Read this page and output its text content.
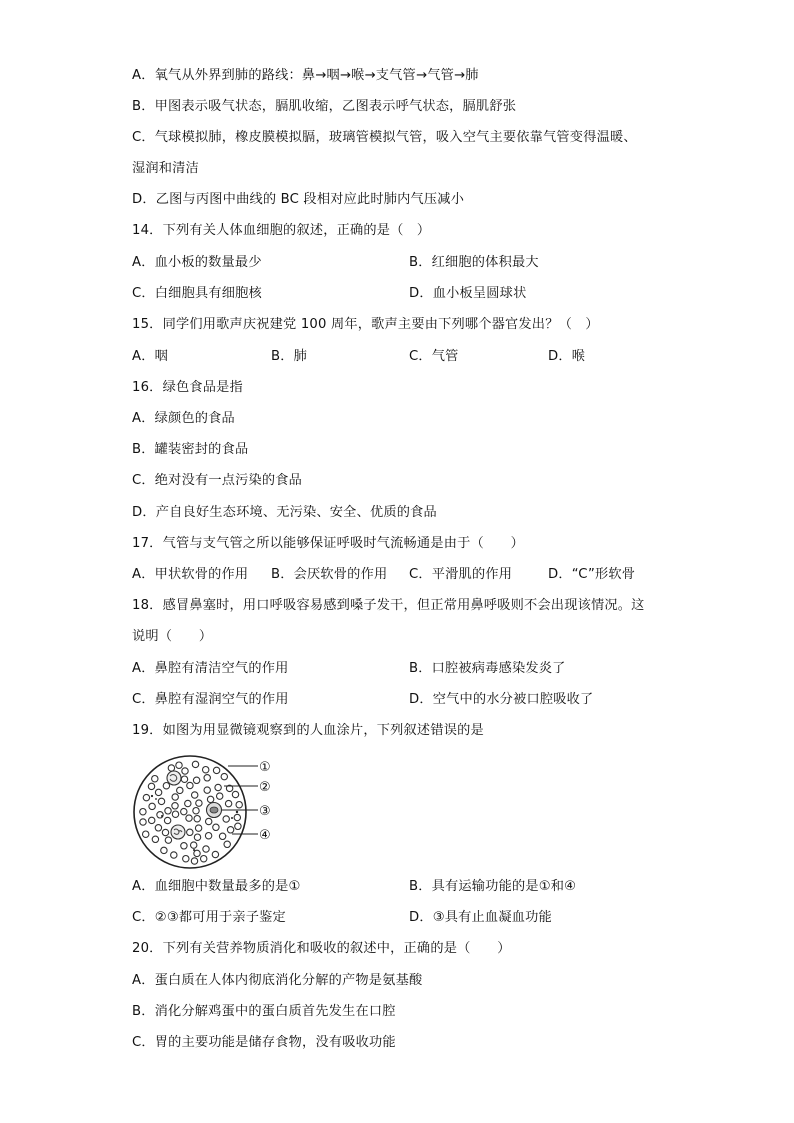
A．氧气从外界到肺的路线：鼻→咽→喉→支气管→气管→肺
B．甲图表示吸气状态，膈肌收缩，乙图表示呼气状态，膈肌舒张
C．气球模拟肺，橡皮膜模拟膈，玻璃管模拟气管，吸入空气主要依靠气管变得温暖、
湿润和清洁
D．乙图与丙图中曲线的 BC 段相对应此时肺内气压减小
14．下列有关人体血细胞的叙述，正确的是（　）
A．血小板的数量最少	B．红细胞的体积最大
C．白细胞具有细胞核	D．血小板呈圆球状
15．同学们用歌声庆祝建党 100 周年，歌声主要由下列哪个器官发出？（　）
A．咽	B．肺	C．气管	D．喉
16．绿色食品是指
A．绿颜色的食品
B．罐装密封的食品
C．绝对没有一点污染的食品
D．产自良好生态环境、无污染、安全、优质的食品
17．气管与支气管之所以能够保证呼吸时气流畅通是由于（　　）
A．甲状软骨的作用 B．会厌软骨的作用 C．平滑肌的作用	D．“C”形软骨
18．感冒鼻塞时，用口呼吸容易感到嗓子发干，但正常用鼻呼吸则不会出现该情况。这
说明（　　）
A．鼻腔有清洁空气的作用	B．口腔被病毒感染发炎了
C．鼻腔有湿润空气的作用	D．空气中的水分被口腔吸收了
19．如图为用显微镜观察到的人血涂片，下列叙述错误的是
①
②
③
④
A．血细胞中数量最多的是①	B．具有运输功能的是①和④
C．②③都可用于亲子鉴定	D．③具有止血凝血功能
20．下列有关营养物质消化和吸收的叙述中，正确的是（　　）
A．蛋白质在人体内彻底消化分解的产物是氨基酸
B．消化分解鸡蛋中的蛋白质首先发生在口腔
C．胃的主要功能是储存食物，没有吸收功能
